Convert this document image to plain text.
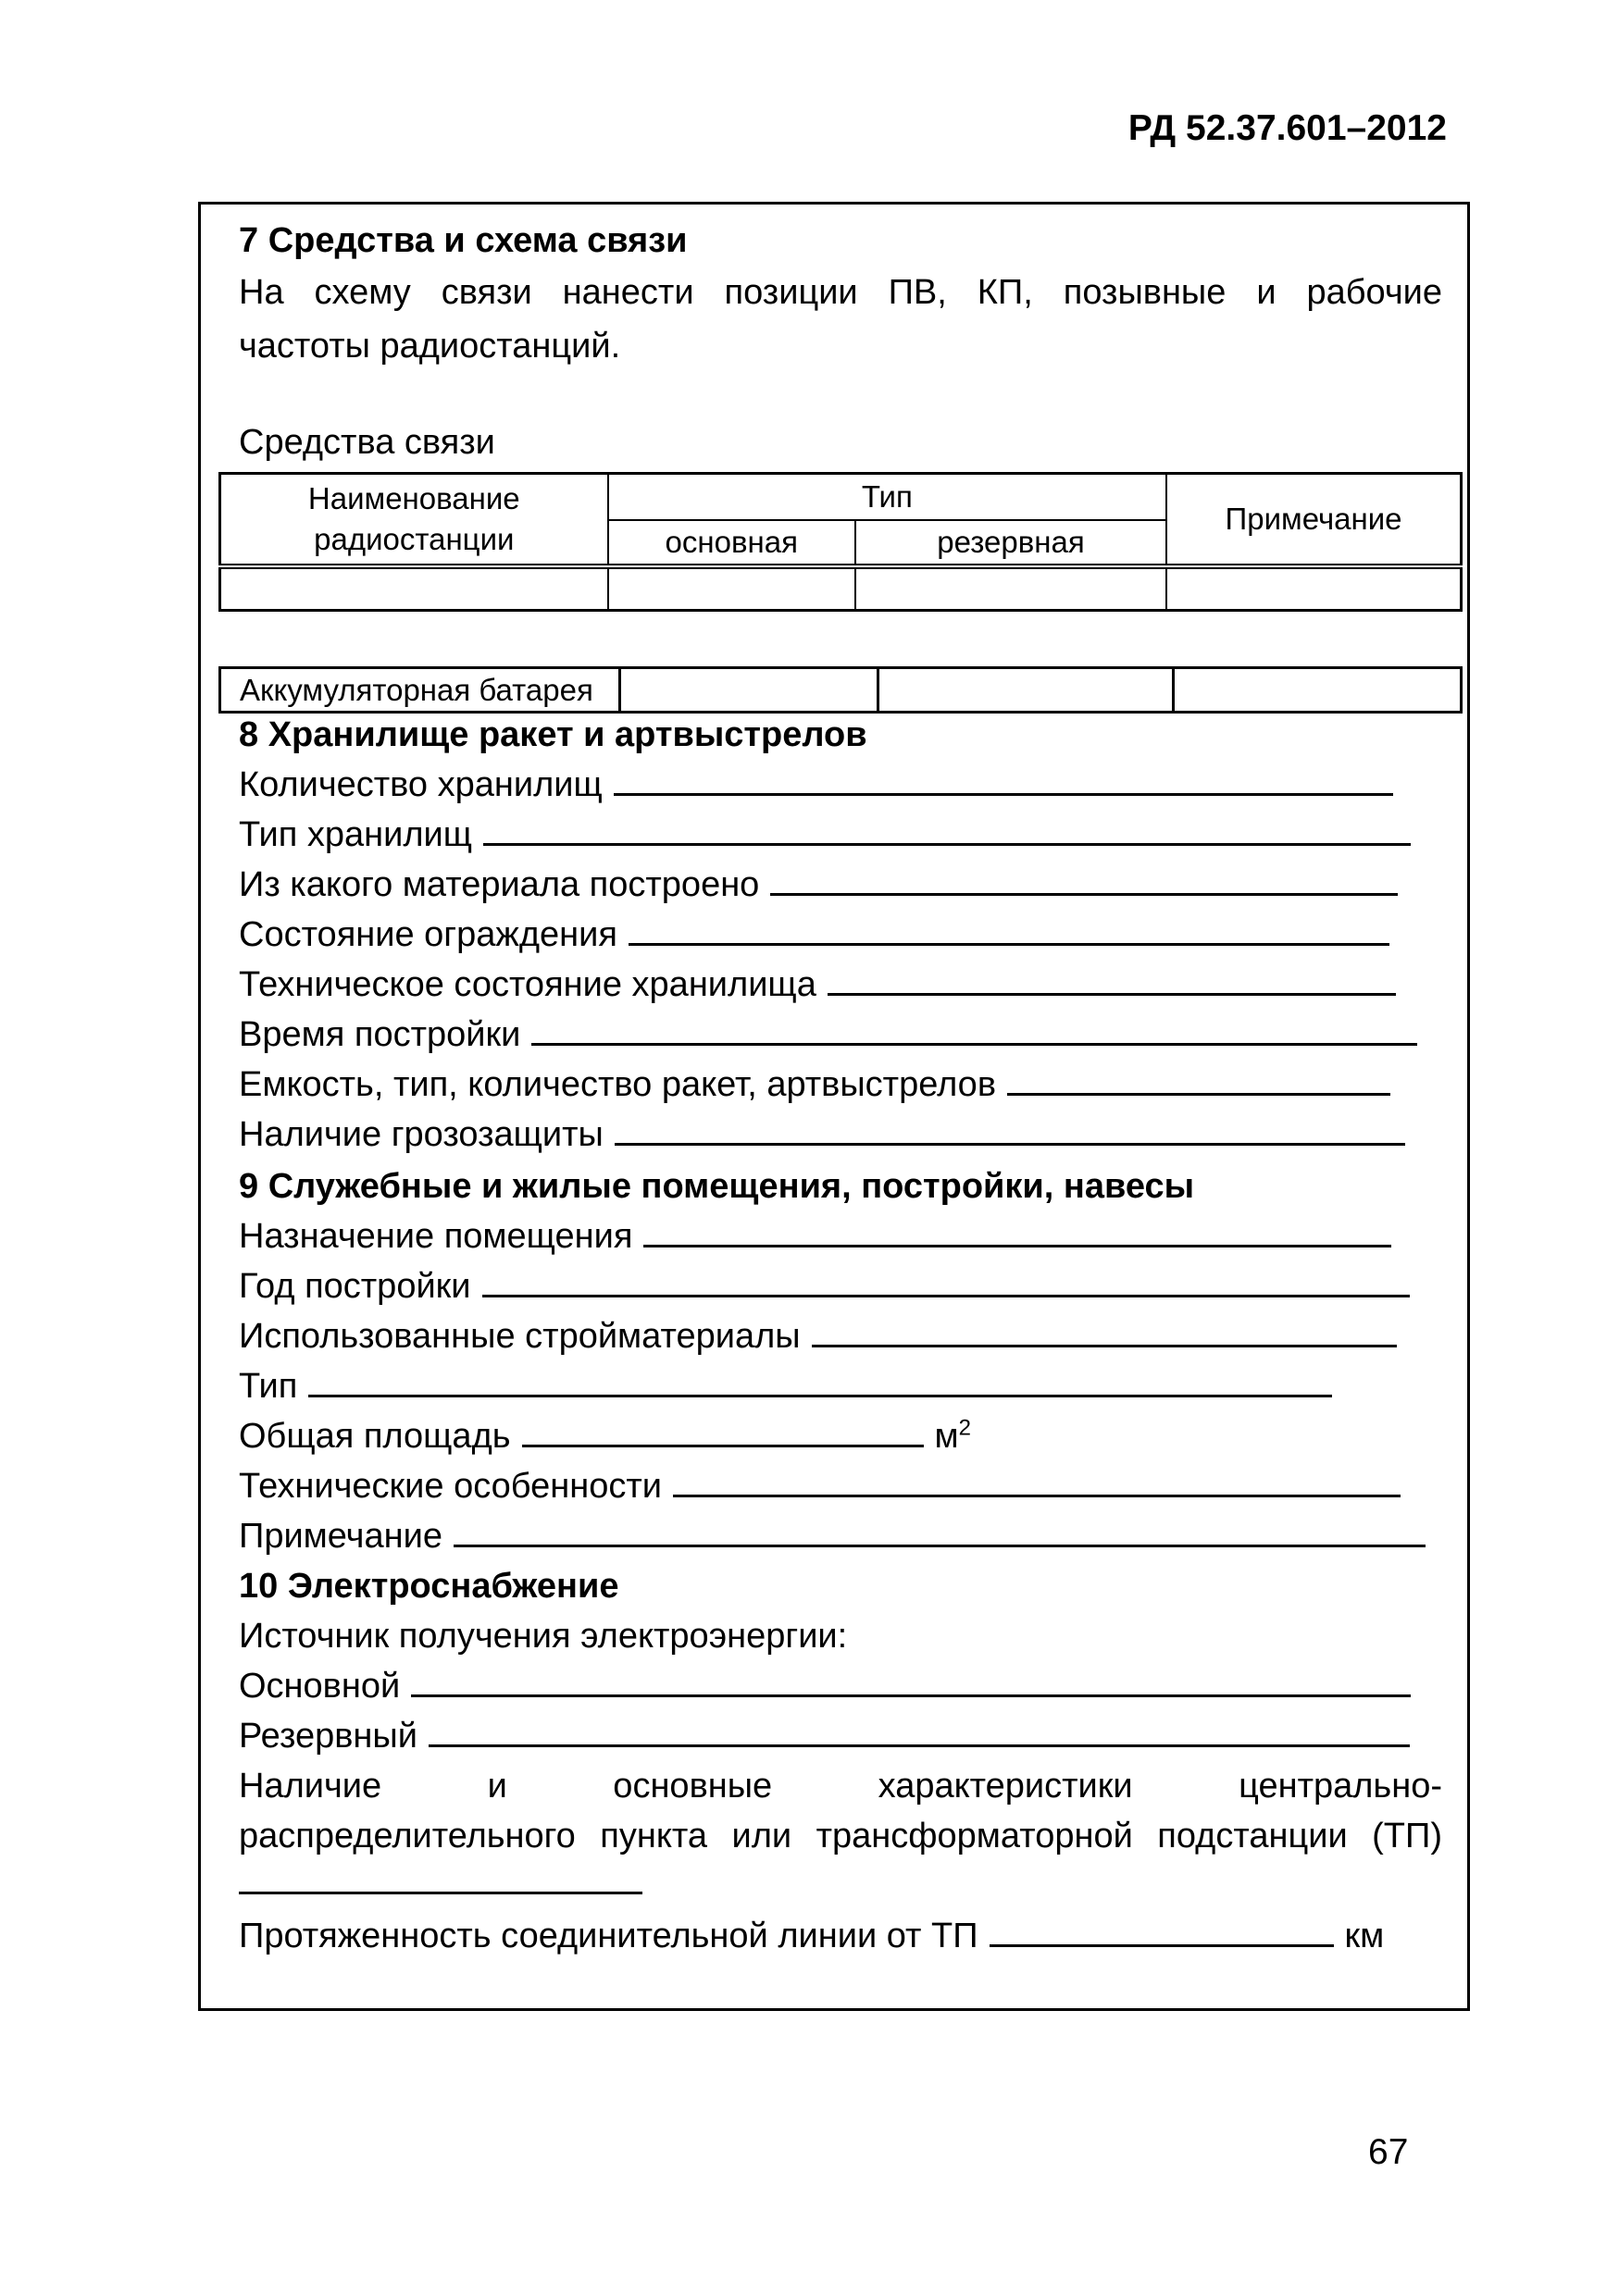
РД 52.37.601–2012
7 Средства и схема связи
На схему связи нанести позиции ПВ, КП, позывные и рабочие
частоты радиостанций.
Средства связи
Наименование
радиостанции	Тип		Примечание
	основная	резервная	

Аккумуляторная батарея			
8 Хранилище ракет и артвыстрелов
Количество хранилищ
Тип хранилищ
Из какого материала построено
Состояние ограждения
Техническое состояние хранилища
Время постройки
Емкость, тип, количество ракет, артвыстрелов
Наличие грозозащиты
9 Служебные и жилые помещения, постройки, навесы
Назначение помещения
Год постройки
Использованные стройматериалы
Тип
Общая площадь	$м^2$
Технические особенности
Примечание
10 Электроснабжение
Источник получения электроэнергии:
Основной
Резервный
Наличие и основные характеристики центрально-
распределительного пункта или трансформаторной подстанции (ТП)
Протяженность соединительной линии от ТП	км
67
